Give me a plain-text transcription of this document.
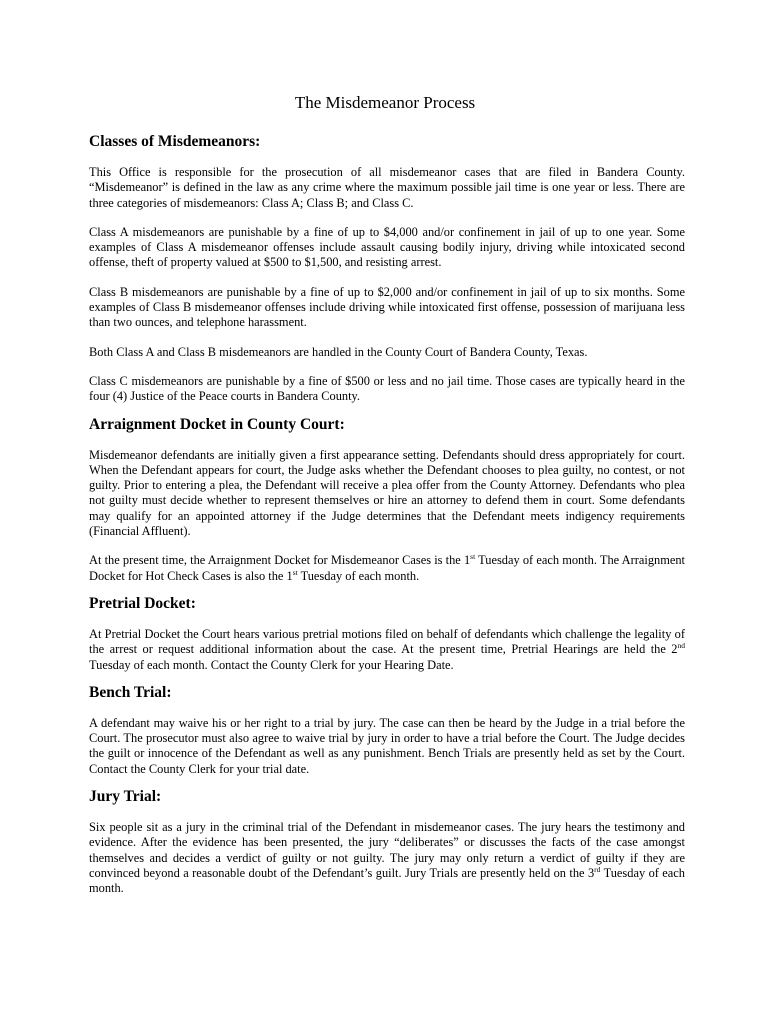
The Misdemeanor Process
Classes of Misdemeanors:

This Office is responsible for the prosecution of all misdemeanor cases that are filed in Bandera County. “Misdemeanor” is defined in the law as any crime where the maximum possible jail time is one year or less. There are three categories of misdemeanors: Class A; Class B; and Class C.

Class A misdemeanors are punishable by a fine of up to $4,000 and/or confinement in jail of up to one year. Some examples of Class A misdemeanor offenses include assault causing bodily injury, driving while intoxicated second offense, theft of property valued at $500 to $1,500, and resisting arrest.

Class B misdemeanors are punishable by a fine of up to $2,000 and/or confinement in jail of up to six months. Some examples of Class B misdemeanor offenses include driving while intoxicated first offense, possession of marijuana less than two ounces, and telephone harassment.

Both Class A and Class B misdemeanors are handled in the County Court of Bandera County, Texas.

Class C misdemeanors are punishable by a fine of $500 or less and no jail time. Those cases are typically heard in the four (4) Justice of the Peace courts in Bandera County.

Arraignment Docket in County Court:

Misdemeanor defendants are initially given a first appearance setting. Defendants should dress appropriately for court. When the Defendant appears for court, the Judge asks whether the Defendant chooses to plea guilty, no contest, or not guilty. Prior to entering a plea, the Defendant will receive a plea offer from the County Attorney. Defendants who plea not guilty must decide whether to represent themselves or hire an attorney to defend them in court. Some defendants may qualify for an appointed attorney if the Judge determines that the Defendant meets indigency requirements (Financial Affluent).

At the present time, the Arraignment Docket for Misdemeanor Cases is the 1st Tuesday of each month. The Arraignment Docket for Hot Check Cases is also the 1st Tuesday of each month.

Pretrial Docket:

At Pretrial Docket the Court hears various pretrial motions filed on behalf of defendants which challenge the legality of the arrest or request additional information about the case. At the present time, Pretrial Hearings are held the 2nd Tuesday of each month. Contact the County Clerk for your Hearing Date.

Bench Trial:

A defendant may waive his or her right to a trial by jury. The case can then be heard by the Judge in a trial before the Court. The prosecutor must also agree to waive trial by jury in order to have a trial before the Court. The Judge decides the guilt or innocence of the Defendant as well as any punishment. Bench Trials are presently held as set by the Court. Contact the County Clerk for your trial date.

Jury Trial:

Six people sit as a jury in the criminal trial of the Defendant in misdemeanor cases. The jury hears the testimony and evidence. After the evidence has been presented, the jury “deliberates” or discusses the facts of the case amongst themselves and decides a verdict of guilty or not guilty. The jury may only return a verdict of guilty if they are convinced beyond a reasonable doubt of the Defendant’s guilt. Jury Trials are presently held on the 3rd Tuesday of each month.
